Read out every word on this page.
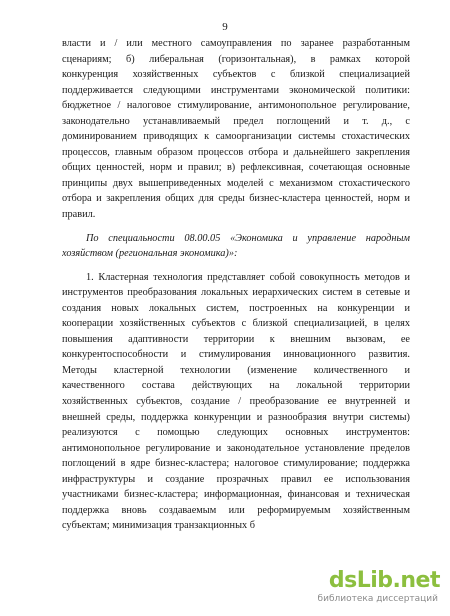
9
власти и / или местного самоуправления по заранее разработанным
сценариям; б) либеральная (горизонтальная), в рамках которой
конкуренция хозяйственных субъектов с близкой специализацией
поддерживается следующими инструментами экономической политики:
бюджетное / налоговое стимулирование, антимонопольное регулирование,
законодательно устанавливаемый предел поглощений и т. д., с
доминированием приводящих к самоорганизации системы стохастических
процессов, главным образом процессов отбора и дальнейшего закрепления
общих ценностей, норм и правил; в) рефлексивная, сочетающая основные
принципы двух вышеприведенных моделей с механизмом стохастического
отбора и закрепления общих для среды бизнес-кластера ценностей, норм и
правил.
По специальности 08.00.05 «Экономика и управление народным
хозяйством (региональная экономика)»:
1. Кластерная технология представляет собой совокупность методов и
инструментов преобразования локальных иерархических систем в сетевые и
создания новых локальных систем, построенных на конкуренции и
кооперации хозяйственных субъектов с близкой специализацией, в целях
повышения адаптивности территории к внешним вызовам, ее
конкурентоспособности и стимулирования инновационного развития.
Методы кластерной технологии (изменение количественного и
качественного состава действующих на локальной территории
хозяйственных субъектов, создание / преобразование ее внутренней и
внешней среды, поддержка конкуренции и разнообразия внутри системы)
реализуются с помощью следующих основных инструментов:
антимонопольное регулирование и законодательное установление пределов
поглощений в ядре бизнес-кластера; налоговое стимулирование; поддержка
инфраструктуры и создание прозрачных правил ее использования
участниками бизнес-кластера; информационная, финансовая и техническая
поддержка вновь создаваемым или реформируемым хозяйственным
субъектам; минимизация транзакционных б
dsLib.net
библиотека диссертаций
